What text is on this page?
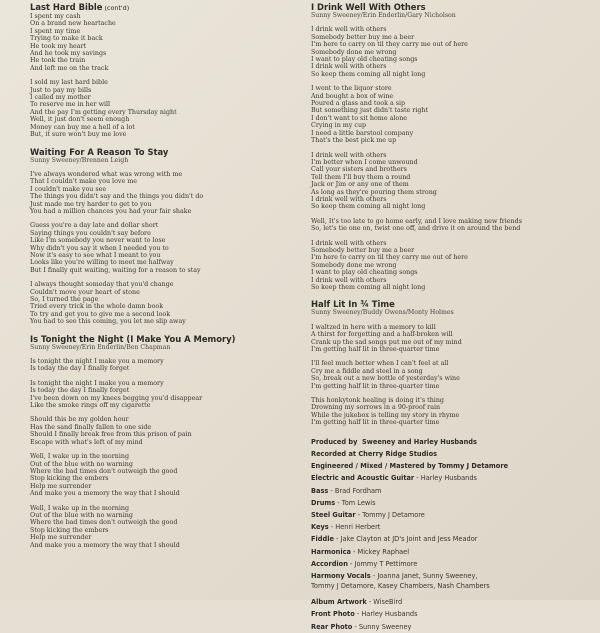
Last Hard Bible (cont'd)
I spent my cash
On a brand new heartache
I spent my time
Trying to make it back
He took my heart
And he took my savings
He took the train
And left me on the track
I sold my last hard bible
Just to pay my bills
I called my mother
To reserve me in her will
And the pay I'm getting every Thursday night
Well, it just don't seem enough
Money can buy me a hell of a lot
But, it sure won't buy me love
Waiting For A Reason To Stay
Sunny Sweeney/Brennen Leigh
I've always wondered what was wrong with me
That I couldn't make you love me
I couldn't make you see
The things you didn't say and the things you didn't do
Just made me try harder to get to you
You had a million chances you had your fair shake
Guess you're a day late and dollar short
Saying things you couldn't say before
Like I'm somebody you never want to lose
Why didn't you say it when I needed you to
Now it's easy to see what I meant to you
Looks like you're willing to meet me halfway
But I finally quit waiting, waiting for a reason to stay
I always thought someday that you'd change
Couldn't move your heart of stone
So, I turned the page
Tried every trick in the whole damn book
To try and get you to give me a second look
You had to see this coming, you let me slip away
Is Tonight the Night (I Make You A Memory)
Sunny Sweeney/Erin Enderlin/Ben Chapman
Is tonight the night I make you a memory
Is today the day I finally forget
Is tonight the night I make you a memory
Is today the day I finally forget
I've been down on my knees begging you'd disappear
Like the smoke rings off my cigarette
Should this be my golden hour
Has the sand finally fallen to one side
Should I finally break free from this prison of pain
Escape with what's left of my mind
Well, I wake up in the morning
Out of the blue with no warning
Where the bad times don't outweigh the good
Stop kicking the embers
Help me surrender
And make you a memory the way that I should
Well, I wake up in the morning
Out of the blue with no warning
Where the bad times don't outweigh the good
Stop kicking the embers
Help me surrender
And make you a memory the way that I should
I Drink Well With Others
Sunny Sweeney/Erin Enderlin/Gary Nicholson
I drink well with others
Somebody better buy me a beer
I'm here to carry on til they carry me out of here
Somebody done me wrong
I want to play old cheating songs
I drink well with others
So keep them coming all night long
I went to the liquor store
And bought a box of wine
Poured a glass and took a sip
But something just didn't taste right
I don't want to sit home alone
Crying in my cup
I need a little barstool company
That's the best pick me up
I drink well with others
I'm better when I come unwound
Call your sisters and brothers
Tell them I'll buy them a round
Jack or Jim or any one of them
As long as they're pouring them strong
I drink well with others
So keep them coming all night long
Well, It's too late to go home early, and I love making new friends
So, let's tie one on, twist one off, and drive it on around the bend
I drink well with others
Somebody better buy me a beer
I'm here to carry on til they carry me out of here
Somebody done me wrong
I want to play old cheating songs
I drink well with others
So keep them coming all night long
Half Lit In ¾ Time
Sunny Sweeney/Buddy Owens/Monty Holmes
I waltzed in here with a memory to kill
A thirst for forgetting and a half-broken will
Crank up the sad songs put me out of my mind
I'm getting half lit in three-quarter time
I'll feel much better when I can't feel at all
Cry me a fiddle and steel in a song
So, break out a new bottle of yesterday's wine
I'm getting half lit in three-quarter time
This honkytonk healing is doing it's thing
Drowning my sorrows in a 90-proof rain
While the jukebox is telling my story in rhyme
I'm getting half lit in three-quarter time
Produced by Sweeney and Harley Husbands
Recorded at Cherry Ridge Studios
Engineered / Mixed / Mastered by Tommy J Detamore
Electric and Acoustic Guitar - Harley Husbands
Bass - Brad Fordham
Drums - Tom Lewis
Steel Guitar - Tommy J Detamore
Keys - Henri Herbert
Fiddle - Jake Clayton at JD's Joint and Jess Meador
Harmonica - Mickey Raphael
Accordion - Jommy T Pettimore
Harmony Vocals - Joanna Janet, Sunny Sweeney,
Tommy J Detamore, Kasey Chambers, Nash Chambers
Album Artwork - WiseBird
Front Photo - Harley Husbands
Rear Photo - Sunny Sweeney
